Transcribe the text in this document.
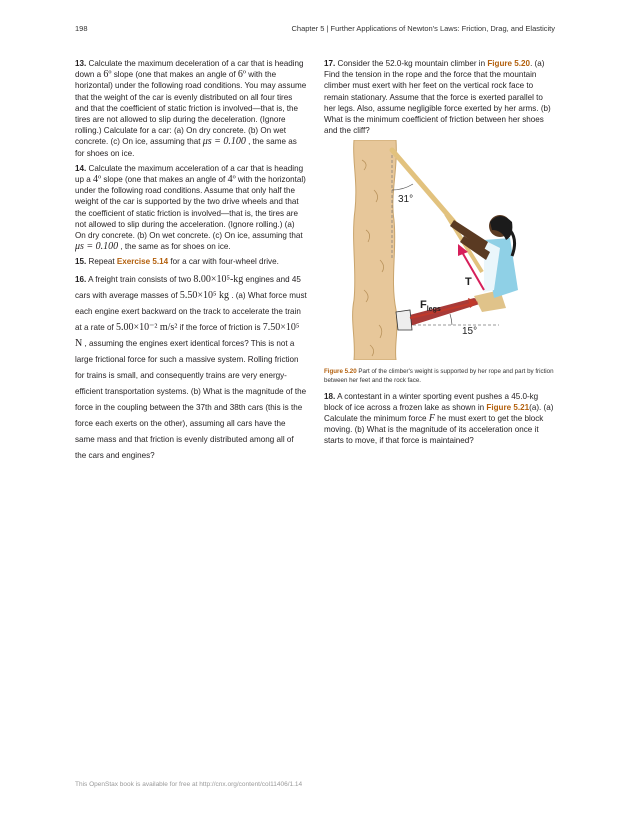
198	Chapter 5 | Further Applications of Newton's Laws: Friction, Drag, and Elasticity

13. Calculate the maximum deceleration of a car that is heading down a 6º slope (one that makes an angle of 6º with the horizontal) under the following road conditions. You may assume that the weight of the car is evenly distributed on all four tires and that the coefficient of static friction is involved—that is, the tires are not allowed to slip during the deceleration. (Ignore rolling.) Calculate for a car: (a) On dry concrete. (b) On wet concrete. (c) On ice, assuming that μs = 0.100 , the same as for shoes on ice.

14. Calculate the maximum acceleration of a car that is heading up a 4º slope (one that makes an angle of 4º with the horizontal) under the following road conditions. Assume that only half the weight of the car is supported by the two drive wheels and that the coefficient of static friction is involved—that is, the tires are not allowed to slip during the acceleration. (Ignore rolling.) (a) On dry concrete. (b) On wet concrete. (c) On ice, assuming that μs = 0.100 , the same as for shoes on ice.

15. Repeat Exercise 5.14 for a car with four-wheel drive.

16. A freight train consists of two 8.00×10⁵-kg engines and 45 cars with average masses of 5.50×10⁵ kg . (a) What force must each engine exert backward on the track to accelerate the train at a rate of 5.00×10⁻² m/s² if the force of friction is 7.50×10⁵ N , assuming the engines exert identical forces? This is not a large frictional force for such a massive system. Rolling friction for trains is small, and consequently trains are very energy-efficient transportation systems. (b) What is the magnitude of the force in the coupling between the 37th and 38th cars (this is the force each exerts on the other), assuming all cars have the same mass and that friction is evenly distributed among all of the cars and engines?

17. Consider the 52.0-kg mountain climber in Figure 5.20. (a) Find the tension in the rope and the force that the mountain climber must exert with her feet on the vertical rock face to remain stationary. Assume that the force is exerted parallel to her legs. Also, assume negligible force exerted by her arms. (b) What is the minimum coefficient of friction between her shoes and the cliff?

31°
T
$F_{legs}$
15°

Figure 5.20 Part of the climber's weight is supported by her rope and part by friction between her feet and the rock face.

18. A contestant in a winter sporting event pushes a 45.0-kg block of ice across a frozen lake as shown in Figure 5.21(a). (a) Calculate the minimum force F he must exert to get the block moving. (b) What is the magnitude of its acceleration once it starts to move, if that force is maintained?

This OpenStax book is available for free at http://cnx.org/content/col11406/1.14
